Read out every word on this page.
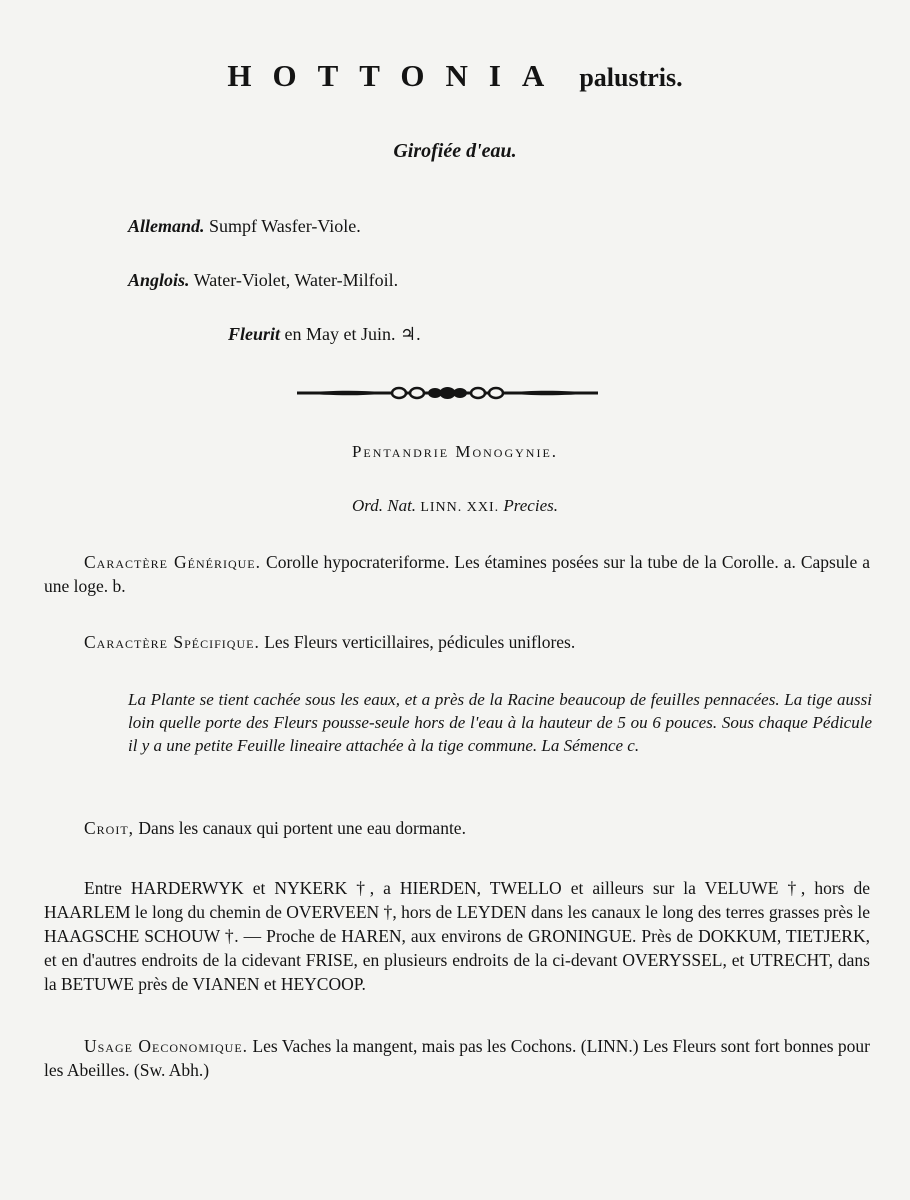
HOTTONIA palustris.
Girofiée d'eau.
Allemand. Sumpf Wasfer-Viole.
Anglois. Water-Violet, Water-Milfoil.
Fleurit en May et Juin. ♃.
Pentandrie Monogynie.
Ord. Nat. LINN. XXI. Precies.
Caractère Générique. Corolle hypocrateriforme. Les étamines posées sur la tube de la Corolle. a. Capsule a une loge. b.
Caractère Spécifique. Les Fleurs verticillaires, pédicules uniflores.
La Plante se tient cachée sous les eaux, et a près de la Racine beaucoup de feuilles pennacées. La tige aussi loin quelle porte des Fleurs pousse-seule hors de l'eau à la hauteur de 5 ou 6 pouces. Sous chaque Pédicule il y a une petite Feuille lineaire attachée à la tige commune. La Sémence c.
Croit, Dans les canaux qui portent une eau dormante.
Entre HARDERWYK et NYKERK †, a HIERDEN, TWELLO et ailleurs sur la VELUWE †, hors de HAARLEM le long du chemin de OVERVEEN †, hors de LEYDEN dans les canaux le long des terres grasses près le HAAGSCHE SCHOUW †. — Proche de HAREN, aux environs de GRONINGUE. Près de DOKKUM, TIETJERK, et en d'autres endroits de la cidevant FRISE, en plusieurs endroits de la ci-devant OVERYSSEL, et UTRECHT, dans la BETUWE près de VIANEN et HEYCOOP.
Usage Oeconomique. Les Vaches la mangent, mais pas les Cochons. (LINN.) Les Fleurs sont fort bonnes pour les Abeilles. (Sw. Abh.)
